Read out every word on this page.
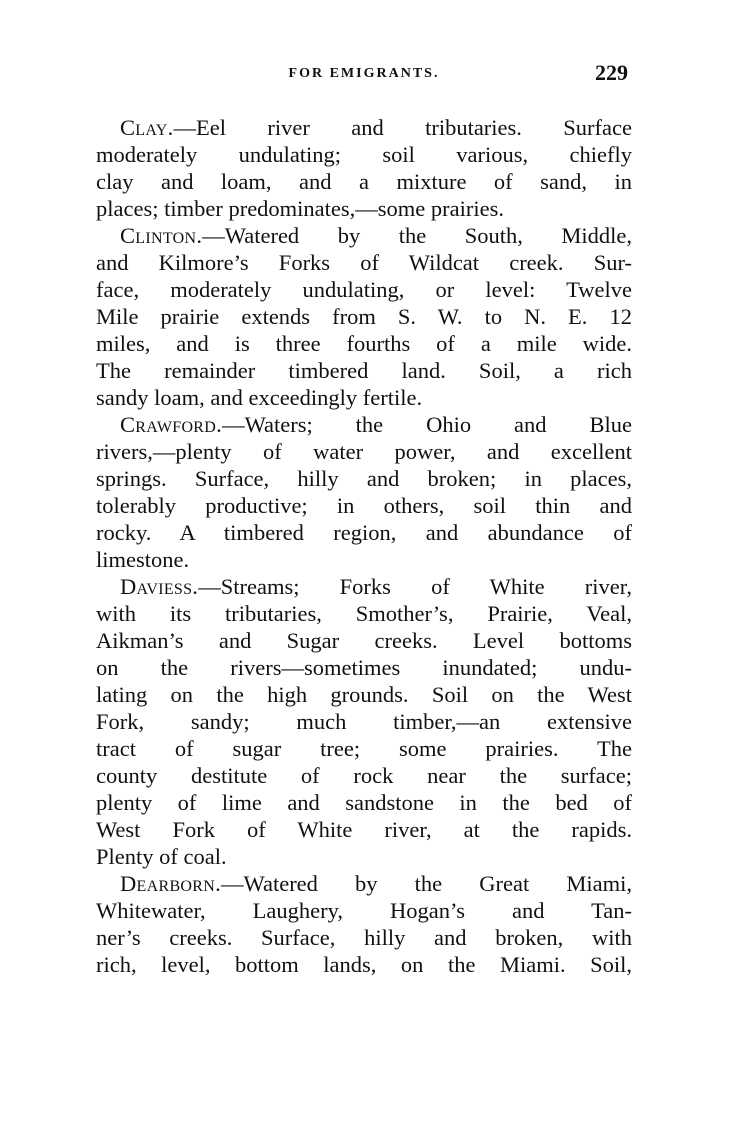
FOR EMIGRANTS.	229
Clay.—Eel river and tributaries. Surface
moderately undulating; soil various, chiefly
clay and loam, and a mixture of sand, in
places; timber predominates,—some prairies.
Clinton.—Watered by the South, Middle,
and Kilmore’s Forks of Wildcat creek. Sur-
face, moderately undulating, or level: Twelve
Mile prairie extends from S. W. to N. E. 12
miles, and is three fourths of a mile wide.
The remainder timbered land. Soil, a rich
sandy loam, and exceedingly fertile.
Crawford.—Waters; the Ohio and Blue
rivers,—plenty of water power, and excellent
springs. Surface, hilly and broken; in places,
tolerably productive; in others, soil thin and
rocky. A timbered region, and abundance of
limestone.
Daviess.—Streams; Forks of White river,
with its tributaries, Smother’s, Prairie, Veal,
Aikman’s and Sugar creeks. Level bottoms
on the rivers—sometimes inundated; undu-
lating on the high grounds. Soil on the West
Fork, sandy; much timber,—an extensive
tract of sugar tree; some prairies. The
county destitute of rock near the surface;
plenty of lime and sandstone in the bed of
West Fork of White river, at the rapids.
Plenty of coal.
Dearborn.—Watered by the Great Miami,
Whitewater, Laughery, Hogan’s and Tan-
ner’s creeks. Surface, hilly and broken, with
rich, level, bottom lands, on the Miami. Soil,
